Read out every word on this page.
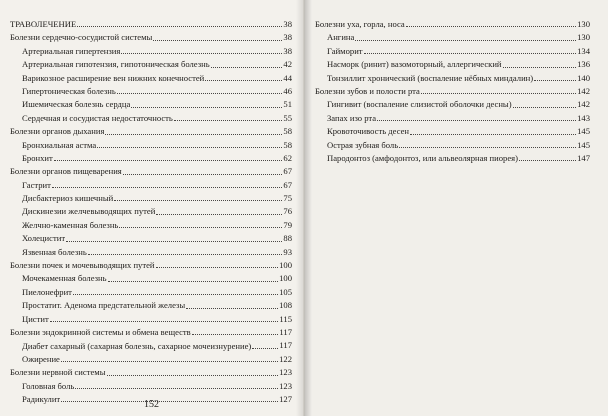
ТРАВОЛЕЧЕНИЕ	38
Болезни сердечно-сосудистой системы	38
Артериальная гипертензия	38
Артериальная гипотензия, гипотоническая болезнь	42
Варикозное расширение вен нижних конечностей	44
Гипертоническая болезнь	46
Ишемическая болезнь сердца	51
Сердечная и сосудистая недостаточность	55
Болезни органов дыхания	58
Бронхиальная астма	58
Бронхит	62
Болезни органов пищеварения	67
Гастрит	67
Дисбактериоз кишечный	75
Дискинезии желчевыводящих путей	76
Желчно-каменная болезнь	79
Холецистит	88
Язвенная болезнь	93
Болезни почек и мочевыводящих путей	100
Мочекаменная болезнь	100
Пиелонефрит	105
Простатит. Аденома предстательной железы	108
Цистит	115
Болезни эндокринной системы и обмена веществ	117
Диабет сахарный (сахарная болезнь, сахарное мочеизнурение)	117
Ожирение	122
Болезни нервной системы	123
Головная боль	123
Радикулит	127
152
Болезни уха, горла, носа	130
Ангина	130
Гайморит	134
Насморк (ринит) вазомоторный, аллергический	136
Тонзиллит хронический (воспаление нёбных миндалин)	140
Болезни зубов и полости рта	142
Гингивит (воспаление слизистой оболочки десны)	142
Запах изо рта	143
Кровоточивость десен	145
Острая зубная боль	145
Пародонтоз (амфодонтоз, или альвеолярная пиорея)	147
